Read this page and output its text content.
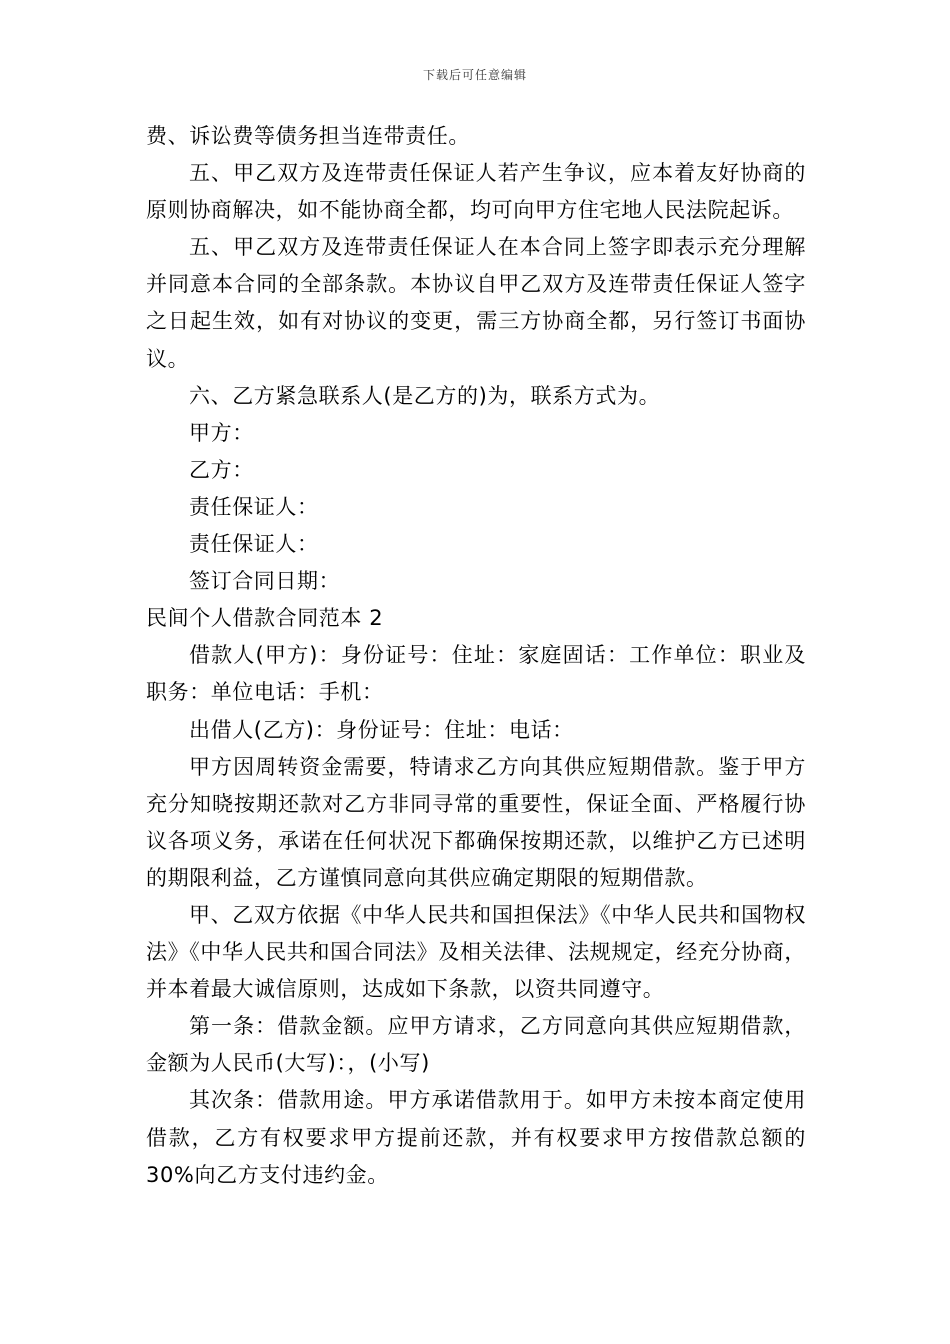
下载后可任意编辑

费、诉讼费等债务担当连带责任。

五、甲乙双方及连带责任保证人若产生争议，应本着友好协商的原则协商解决，如不能协商全都，均可向甲方住宅地人民法院起诉。

五、甲乙双方及连带责任保证人在本合同上签字即表示充分理解并同意本合同的全部条款。本协议自甲乙双方及连带责任保证人签字之日起生效，如有对协议的变更，需三方协商全都，另行签订书面协议。

六、乙方紧急联系人(是乙方的)为，联系方式为。

甲方：

乙方：

责任保证人：

责任保证人：

签订合同日期：

民间个人借款合同范本 2

借款人(甲方)：身份证号：住址：家庭固话：工作单位：职业及职务：单位电话：手机：

出借人(乙方)：身份证号：住址：电话：

甲方因周转资金需要，特请求乙方向其供应短期借款。鉴于甲方充分知晓按期还款对乙方非同寻常的重要性，保证全面、严格履行协议各项义务，承诺在任何状况下都确保按期还款，以维护乙方已述明的期限利益，乙方谨慎同意向其供应确定期限的短期借款。

甲、乙双方依据《中华人民共和国担保法》《中华人民共和国物权法》《中华人民共和国合同法》及相关法律、法规规定，经充分协商，并本着最大诚信原则，达成如下条款，以资共同遵守。

第一条：借款金额。应甲方请求，乙方同意向其供应短期借款，金额为人民币(大写)：，(小写)

其次条：借款用途。甲方承诺借款用于。如甲方未按本商定使用借款，乙方有权要求甲方提前还款，并有权要求甲方按借款总额的 30%向乙方支付违约金。
